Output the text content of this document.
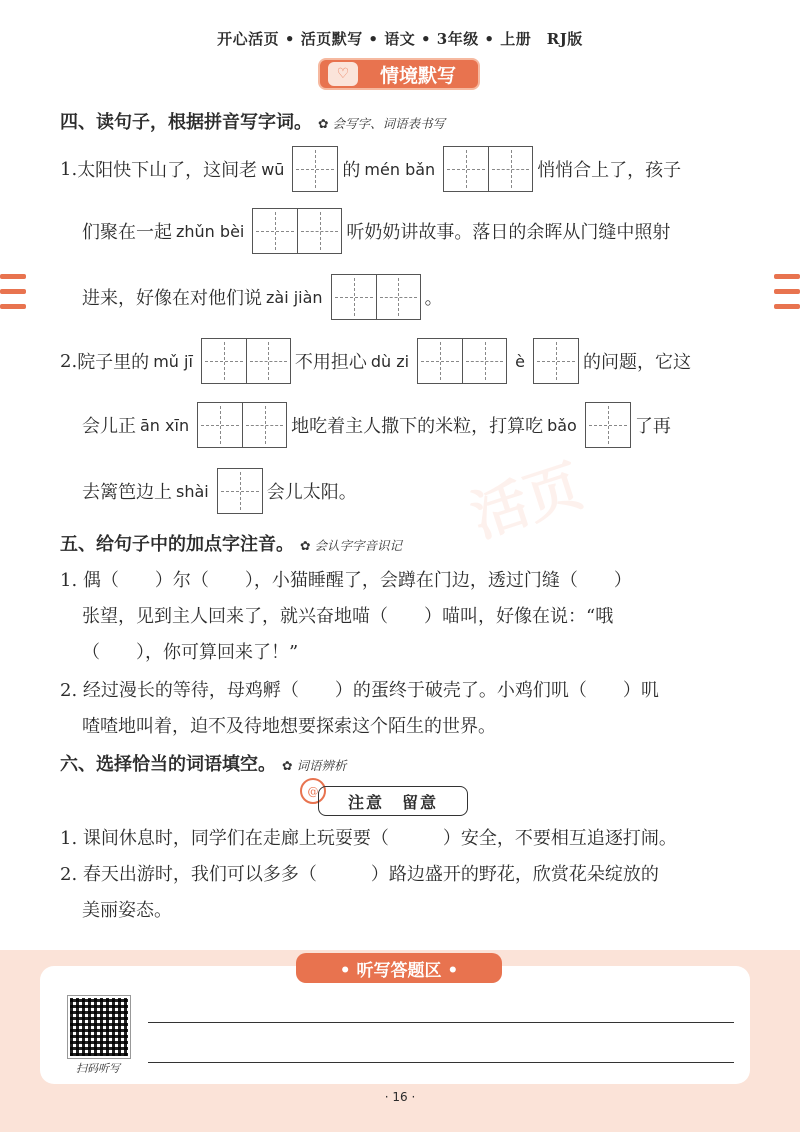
开心活页 • 活页默写 • 语文 • 3年级 • 上册　RJ版
♡	情境默写
活页
四、读句子，根据拼音写字词。 ✿ 会写字、词语表书写
1. 太阳快下山了，这间老 wū	的 mén bǎn	悄悄合上了，孩子
们聚在一起 zhǔn bèi	听奶奶讲故事。落日的余晖从门缝中照射
进来，好像在对他们说 zài jiàn	。
2. 院子里的 mǔ jī	不用担心 dù zi	è	的问题，它这
会儿正 ān xīn	地吃着主人撒下的米粒，打算吃 bǎo	了再
去篱笆边上 shài	会儿太阳。
五、给句子中的加点字注音。 ✿ 会认字字音识记
1. 偶（　　）尔（　　），小猫睡醒了，会蹲在门边，透过门缝（　　）
张望，见到主人回来了，就兴奋地喵（　　）喵叫，好像在说：“哦
（　　），你可算回来了！”
2. 经过漫长的等待，母鸡孵（　　）的蛋终于破壳了。小鸡们叽（　　）叽
喳喳地叫着，迫不及待地想要探索这个陌生的世界。
六、选择恰当的词语填空。 ✿ 词语辨析
@
注意　留意
1. 课间休息时，同学们在走廊上玩耍要（　　　）安全，不要相互追逐打闹。
2. 春天出游时，我们可以多多（　　　）路边盛开的野花，欣赏花朵绽放的
美丽姿态。
• 听写答题区 •
扫码听写
· 16 ·
